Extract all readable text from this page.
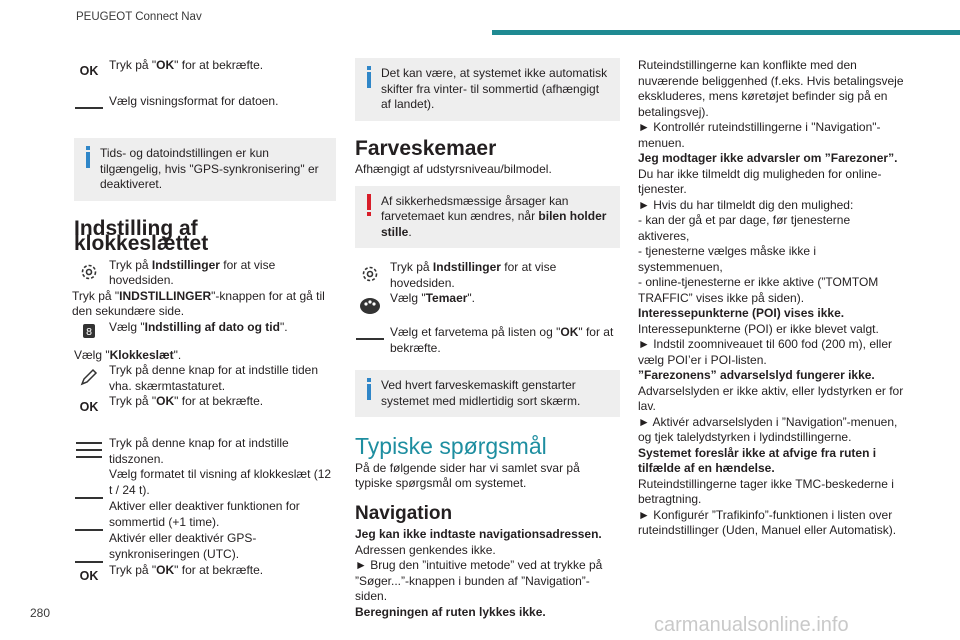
PEUGEOT Connect Nav
OK Tryk på "OK" for at bekræfte.
Vælg visningsformat for datoen.

Tids- og datoindstillingen er kun tilgængelig, hvis "GPS-synkronisering" er deaktiveret.

Indstilling af klokkeslættet
Tryk på Indstillinger for at vise hovedsiden.

Tryk på "INDSTILLINGER"-knappen for at gå til den sekundære side.

8 Vælg "Indstilling af dato og tid".

Vælg "Klokkeslæt".

Tryk på denne knap for at indstille tiden vha. skærmtastaturet.
OK Tryk på "OK" for at bekræfte.
Tryk på denne knap for at indstille tidszonen.
Vælg formatet til visning af klokkeslæt (12 t / 24 t).
Aktiver eller deaktiver funktionen for sommertid (+1 time).
Aktivér eller deaktivér GPS-synkroniseringen (UTC).
OK Tryk på "OK" for at bekræfte.

Det kan være, at systemet ikke automatisk skifter fra vinter- til sommertid (afhængigt af landet).

Farveskemaer

Afhængigt af udstyrsniveau/bilmodel.

Af sikkerhedsmæssige årsager kan farvetemaet kun ændres, når bilen holder stille.

Tryk på Indstillinger for at vise hovedsiden.
Vælg "Temaer".
Vælg et farvetema på listen og "OK" for at bekræfte.

Ved hvert farveskemaskift genstarter systemet med midlertidig sort skærm.

Typiske spørgsmål

På de følgende sider har vi samlet svar på typiske spørgsmål om systemet.

Navigation

Jeg kan ikke indtaste navigationsadressen.

Adressen genkendes ikke.

► Brug den ”intuitive metode” ved at trykke på ”Søger...”-knappen i bunden af ”Navigation”-siden.

Beregningen af ruten lykkes ikke.

Ruteindstillingerne kan konflikte med den nuværende beliggenhed (f.eks. Hvis betalingsveje ekskluderes, mens køretøjet befinder sig på en betalingsvej).

► Kontrollér ruteindstillingerne i "Navigation"-menuen.

Jeg modtager ikke advarsler om ”Farezoner”.

Du har ikke tilmeldt dig muligheden for online-tjenester.

► Hvis du har tilmeldt dig den mulighed:

- kan der gå et par dage, før tjenesterne aktiveres,

- tjenesterne vælges måske ikke i systemmenuen,

- online-tjenesterne er ikke aktive (”TOMTOM TRAFFIC” vises ikke på siden).

Interessepunkterne (POI) vises ikke.

Interessepunkterne (POI) er ikke blevet valgt.

► Indstil zoomniveauet til 600 fod (200 m), eller vælg POI’er i POI-listen.

”Farezonens” advarselslyd fungerer ikke.

Advarselslyden er ikke aktiv, eller lydstyrken er for lav.

► Aktivér advarselslyden i ”Navigation”-menuen, og tjek talelydstyrken i lydindstillingerne.

Systemet foreslår ikke at afvige fra ruten i tilfælde af en hændelse.

Ruteindstillingerne tager ikke TMC-beskederne i betragtning.

► Konfigurér ”Trafikinfo”-funktionen i listen over ruteindstillinger (Uden, Manuel eller Automatisk).

280
carmanualsonline.info
